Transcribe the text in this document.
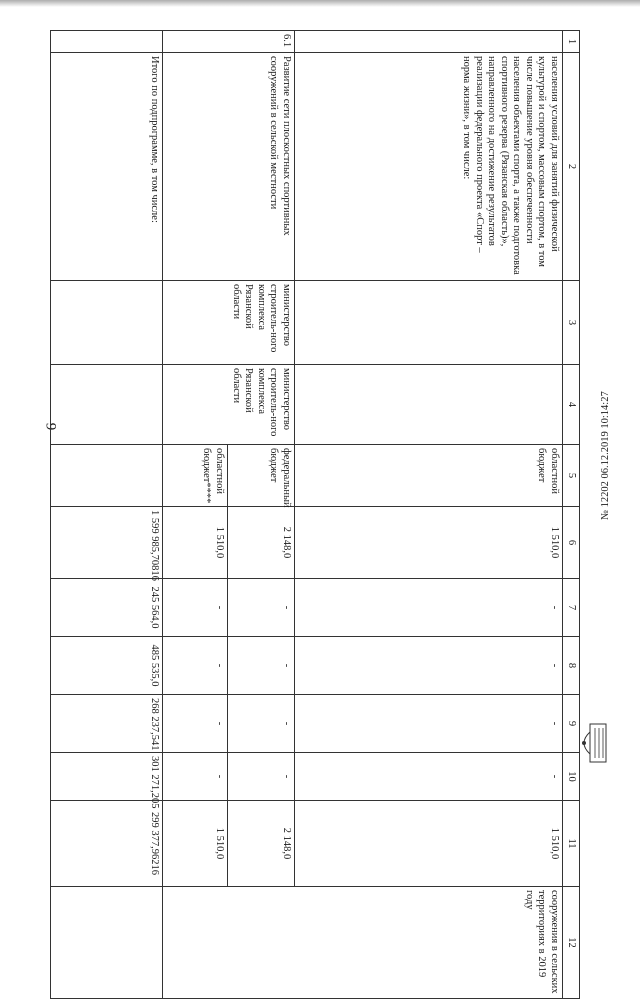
9
1	2	3	4	5	6	7	8	9	10	11	12
	населения условий для занятий физической культурой и спортом, массовым спортом, в том числе повышение уровня обеспеченности населения объектами спорта, а также подготовка спортивного резерва (Рязанская область)», направленного на достижение результатов реализации федерального проекта «Спорт – норма жизни», в том числе:			областной бюджет	1 510,0	-	-	-	-	1 510,0	сооружения в сельских территориях в 2019 году
6.1	Развитие сети плоскостных спортивных сооружений в сельской местности	министерство строитель-ного комплекса Рязанской области	министерство строитель-ного комплекса Рязанской области	федеральный бюджет	2 148,0	-	-	-	-	2 148,0	
				областной бюджет****	1 510,0	-	-	-	-	1 510,0	
	Итого по подпрограмме, в том числе:				1 599 985,70816	245 564,0	485 535,0	268 237,541	301 271,205	299 377,96216	
№ 12202 06.12.2019 10:14:27
